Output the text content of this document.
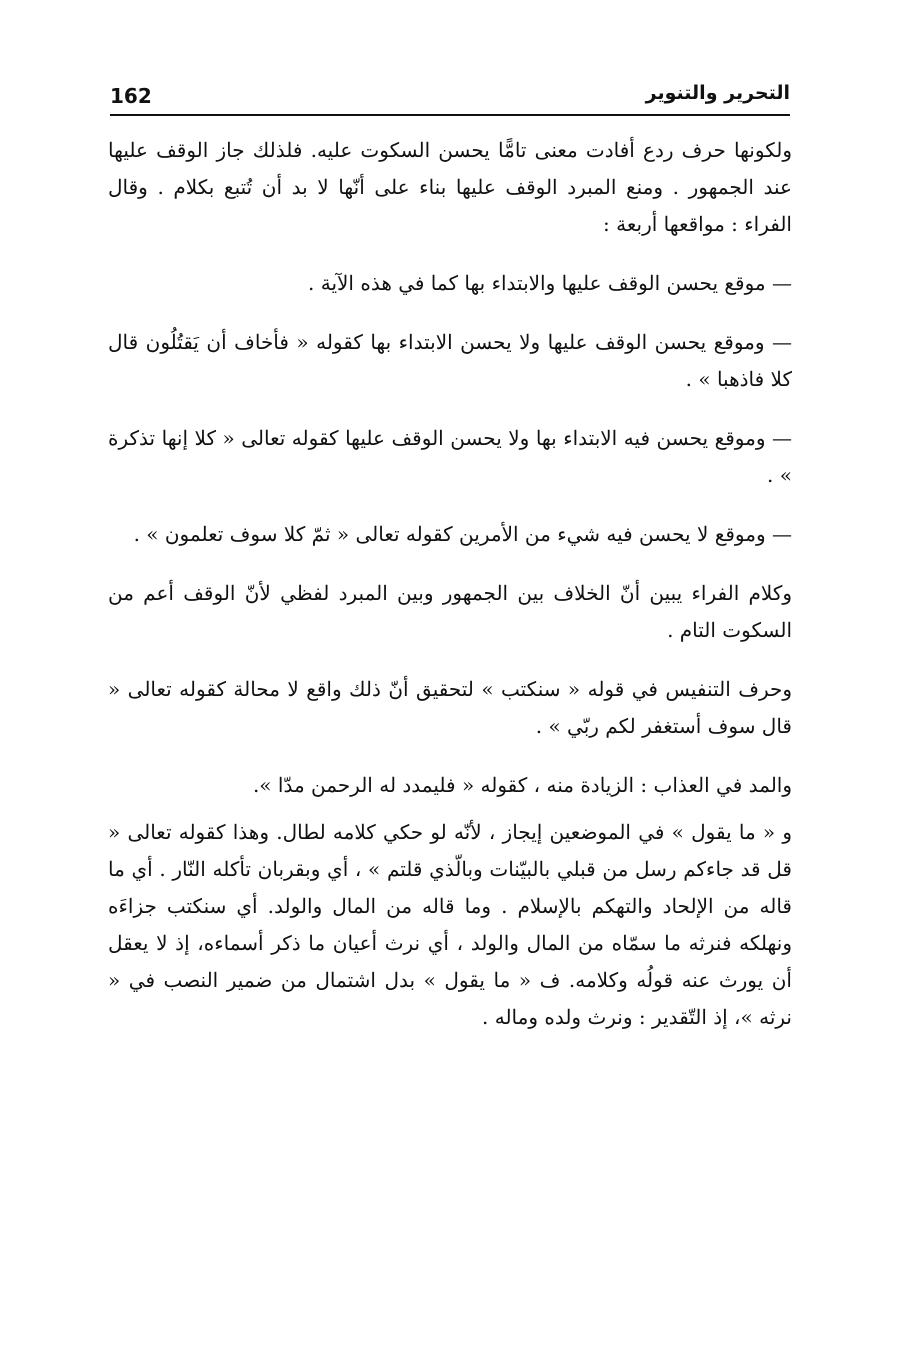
162	التحرير والتنوير

ولكونها حرف ردع أفادت معنى تامًّا يحسن السكوت عليه. فلذلك جاز الوقف عليها عند الجمهور . ومنع المبرد الوقف عليها بناء على أنّها لا بد أن تُتبع بكلام . وقال الفراء : مواقعها أربعة :

— موقع يحسن الوقف عليها والابتداء بها كما في هذه الآية .

— وموقع يحسن الوقف عليها ولا يحسن الابتداء بها كقوله « فأخاف أن يَقتُلُون قال كلا فاذهبا » .

— وموقع يحسن فيه الابتداء بها ولا يحسن الوقف عليها كقوله تعالى « كلا إنها تذكرة » .

— وموقع لا يحسن فيه شيء من الأمرين كقوله تعالى « ثمّ كلا سوف تعلمون » .

وكلام الفراء يبين أنّ الخلاف بين الجمهور وبين المبرد لفظي لأنّ الوقف أعم من السكوت التام .

وحرف التنفيس في قوله « سنكتب » لتحقيق أنّ ذلك واقع لا محالة كقوله تعالى « قال سوف أستغفر لكم ربّي » .

والمد في العذاب : الزيادة منه ، كقوله « فليمدد له الرحمن مدّا ».

و « ما يقول » في الموضعين إيجاز ، لأنّه لو حكي كلامه لطال. وهذا كقوله تعالى « قل قد جاءكم رسل من قبلي بالبيّنات وبالّذي قلتم » ، أي وبقربان تأكله النّار . أي ما قاله من الإلحاد والتهكم بالإسلام . وما قاله من المال والولد. أي سنكتب جزاءَه ونهلكه فنرثه ما سمّاه من المال والولد ، أي نرث أعيان ما ذكر أسماءه، إذ لا يعقل أن يورث عنه قولُه وكلامه. ف « ما يقول » بدل اشتمال من ضمير النصب في « نرثه »، إذ التّقدير : ونرث ولده وماله .
